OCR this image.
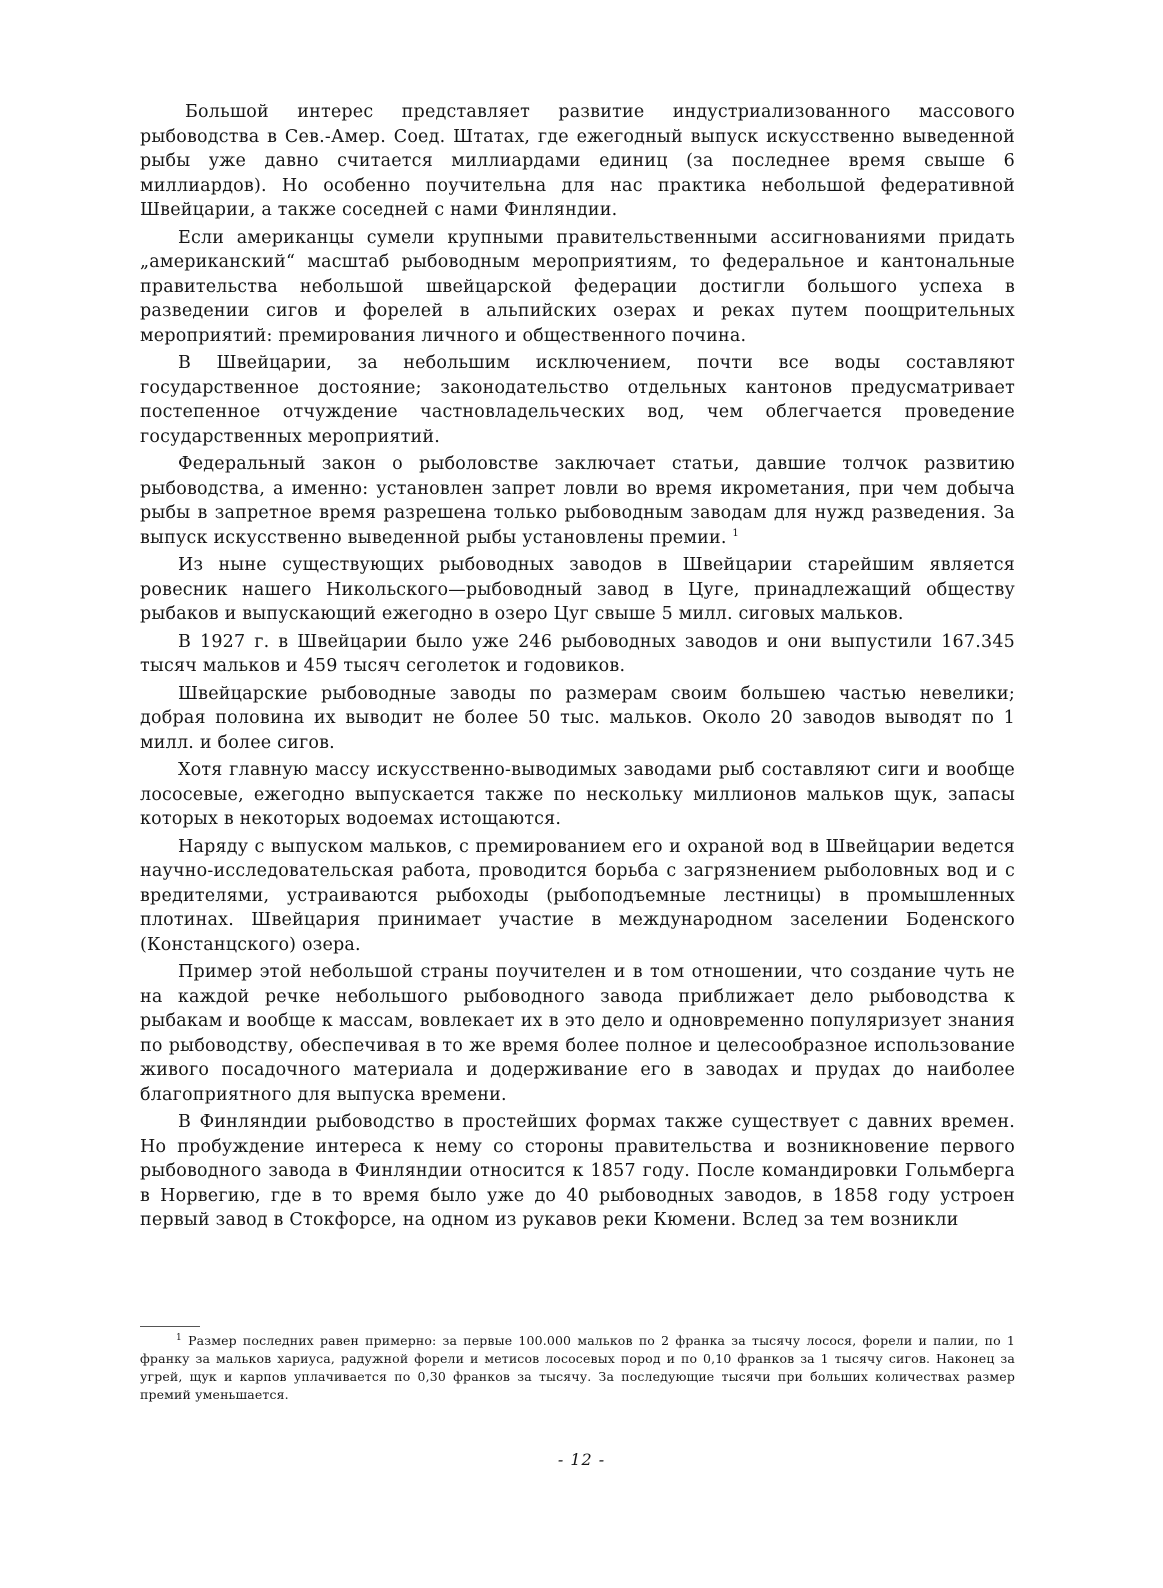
Большой интерес представляет развитие индустриализованного массового рыбоводства в Сев.-Амер. Соед. Штатах, где ежегодный выпуск искусственно выведенной рыбы уже давно считается миллиардами единиц (за последнее время свыше 6 миллиардов). Но особенно поучительна для нас практика небольшой федеративной Швейцарии, а также соседней с нами Финляндии.

Если американцы сумели крупными правительственными ассигнованиями придать „американский“ масштаб рыбоводным мероприятиям, то федеральное и кантональные правительства небольшой швейцарской федерации достигли большого успеха в разведении сигов и форелей в альпийских озерах и реках путем поощрительных мероприятий: премирования личного и общественного почина.

В Швейцарии, за небольшим исключением, почти все воды составляют государственное достояние; законодательство отдельных кантонов предусматривает постепенное отчуждение частновладельческих вод, чем облегчается проведение государственных мероприятий.

Федеральный закон о рыболовстве заключает статьи, давшие толчок развитию рыбоводства, а именно: установлен запрет ловли во время икрометания, при чем добыча рыбы в запретное время разрешена только рыбоводным заводам для нужд разведения. За выпуск искусственно выведенной рыбы установлены премии. $^1$

Из ныне существующих рыбоводных заводов в Швейцарии старейшим является ровесник нашего Никольского—рыбоводный завод в Цуге, принадлежащий обществу рыбаков и выпускающий ежегодно в озеро Цуг свыше 5 милл. сиговых мальков.

В 1927 г. в Швейцарии было уже 246 рыбоводных заводов и они выпустили 167.345 тысяч мальков и 459 тысяч сеголеток и годовиков.

Швейцарские рыбоводные заводы по размерам своим большею частью невелики; добрая половина их выводит не более 50 тыс. мальков. Около 20 заводов выводят по 1 милл. и более сигов.

Хотя главную массу искусственно-выводимых заводами рыб составляют сиги и вообще лососевые, ежегодно выпускается также по нескольку миллионов мальков щук, запасы которых в некоторых водоемах истощаются.

Наряду с выпуском мальков, с премированием его и охраной вод в Швейцарии ведется научно-исследовательская работа, проводится борьба с загрязнением рыболовных вод и с вредителями, устраиваются рыбоходы (рыбоподъемные лестницы) в промышленных плотинах. Швейцария принимает участие в международном заселении Боденского (Констанцского) озера.

Пример этой небольшой страны поучителен и в том отношении, что создание чуть не на каждой речке небольшого рыбоводного завода приближает дело рыбоводства к рыбакам и вообще к массам, вовлекает их в это дело и одновременно популяризует знания по рыбоводству, обеспечивая в то же время более полное и целесообразное использование живого посадочного материала и додерживание его в заводах и прудах до наиболее благоприятного для выпуска времени.

В Финляндии рыбоводство в простейших формах также существует с давних времен. Но пробуждение интереса к нему со стороны правительства и возникновение первого рыбоводного завода в Финляндии относится к 1857 году. После командировки Гольмберга в Норвегию, где в то время было уже до 40 рыбоводных заводов, в 1858 году устроен первый завод в Стокфорсе, на одном из рукавов реки Кюмени. Вслед за тем возникли

$^1$ Размер последних равен примерно: за первые 100.000 мальков по 2 франка за тысячу лосося, форели и палии, по 1 франку за мальков хариуса, радужной форели и метисов лососевых пород и по 0,10 франков за 1 тысячу сигов. Наконец за угрей, щук и карпов уплачивается по 0,30 франков за тысячу. За последующие тысячи при больших количествах размер премий уменьшается.

- 12 -
